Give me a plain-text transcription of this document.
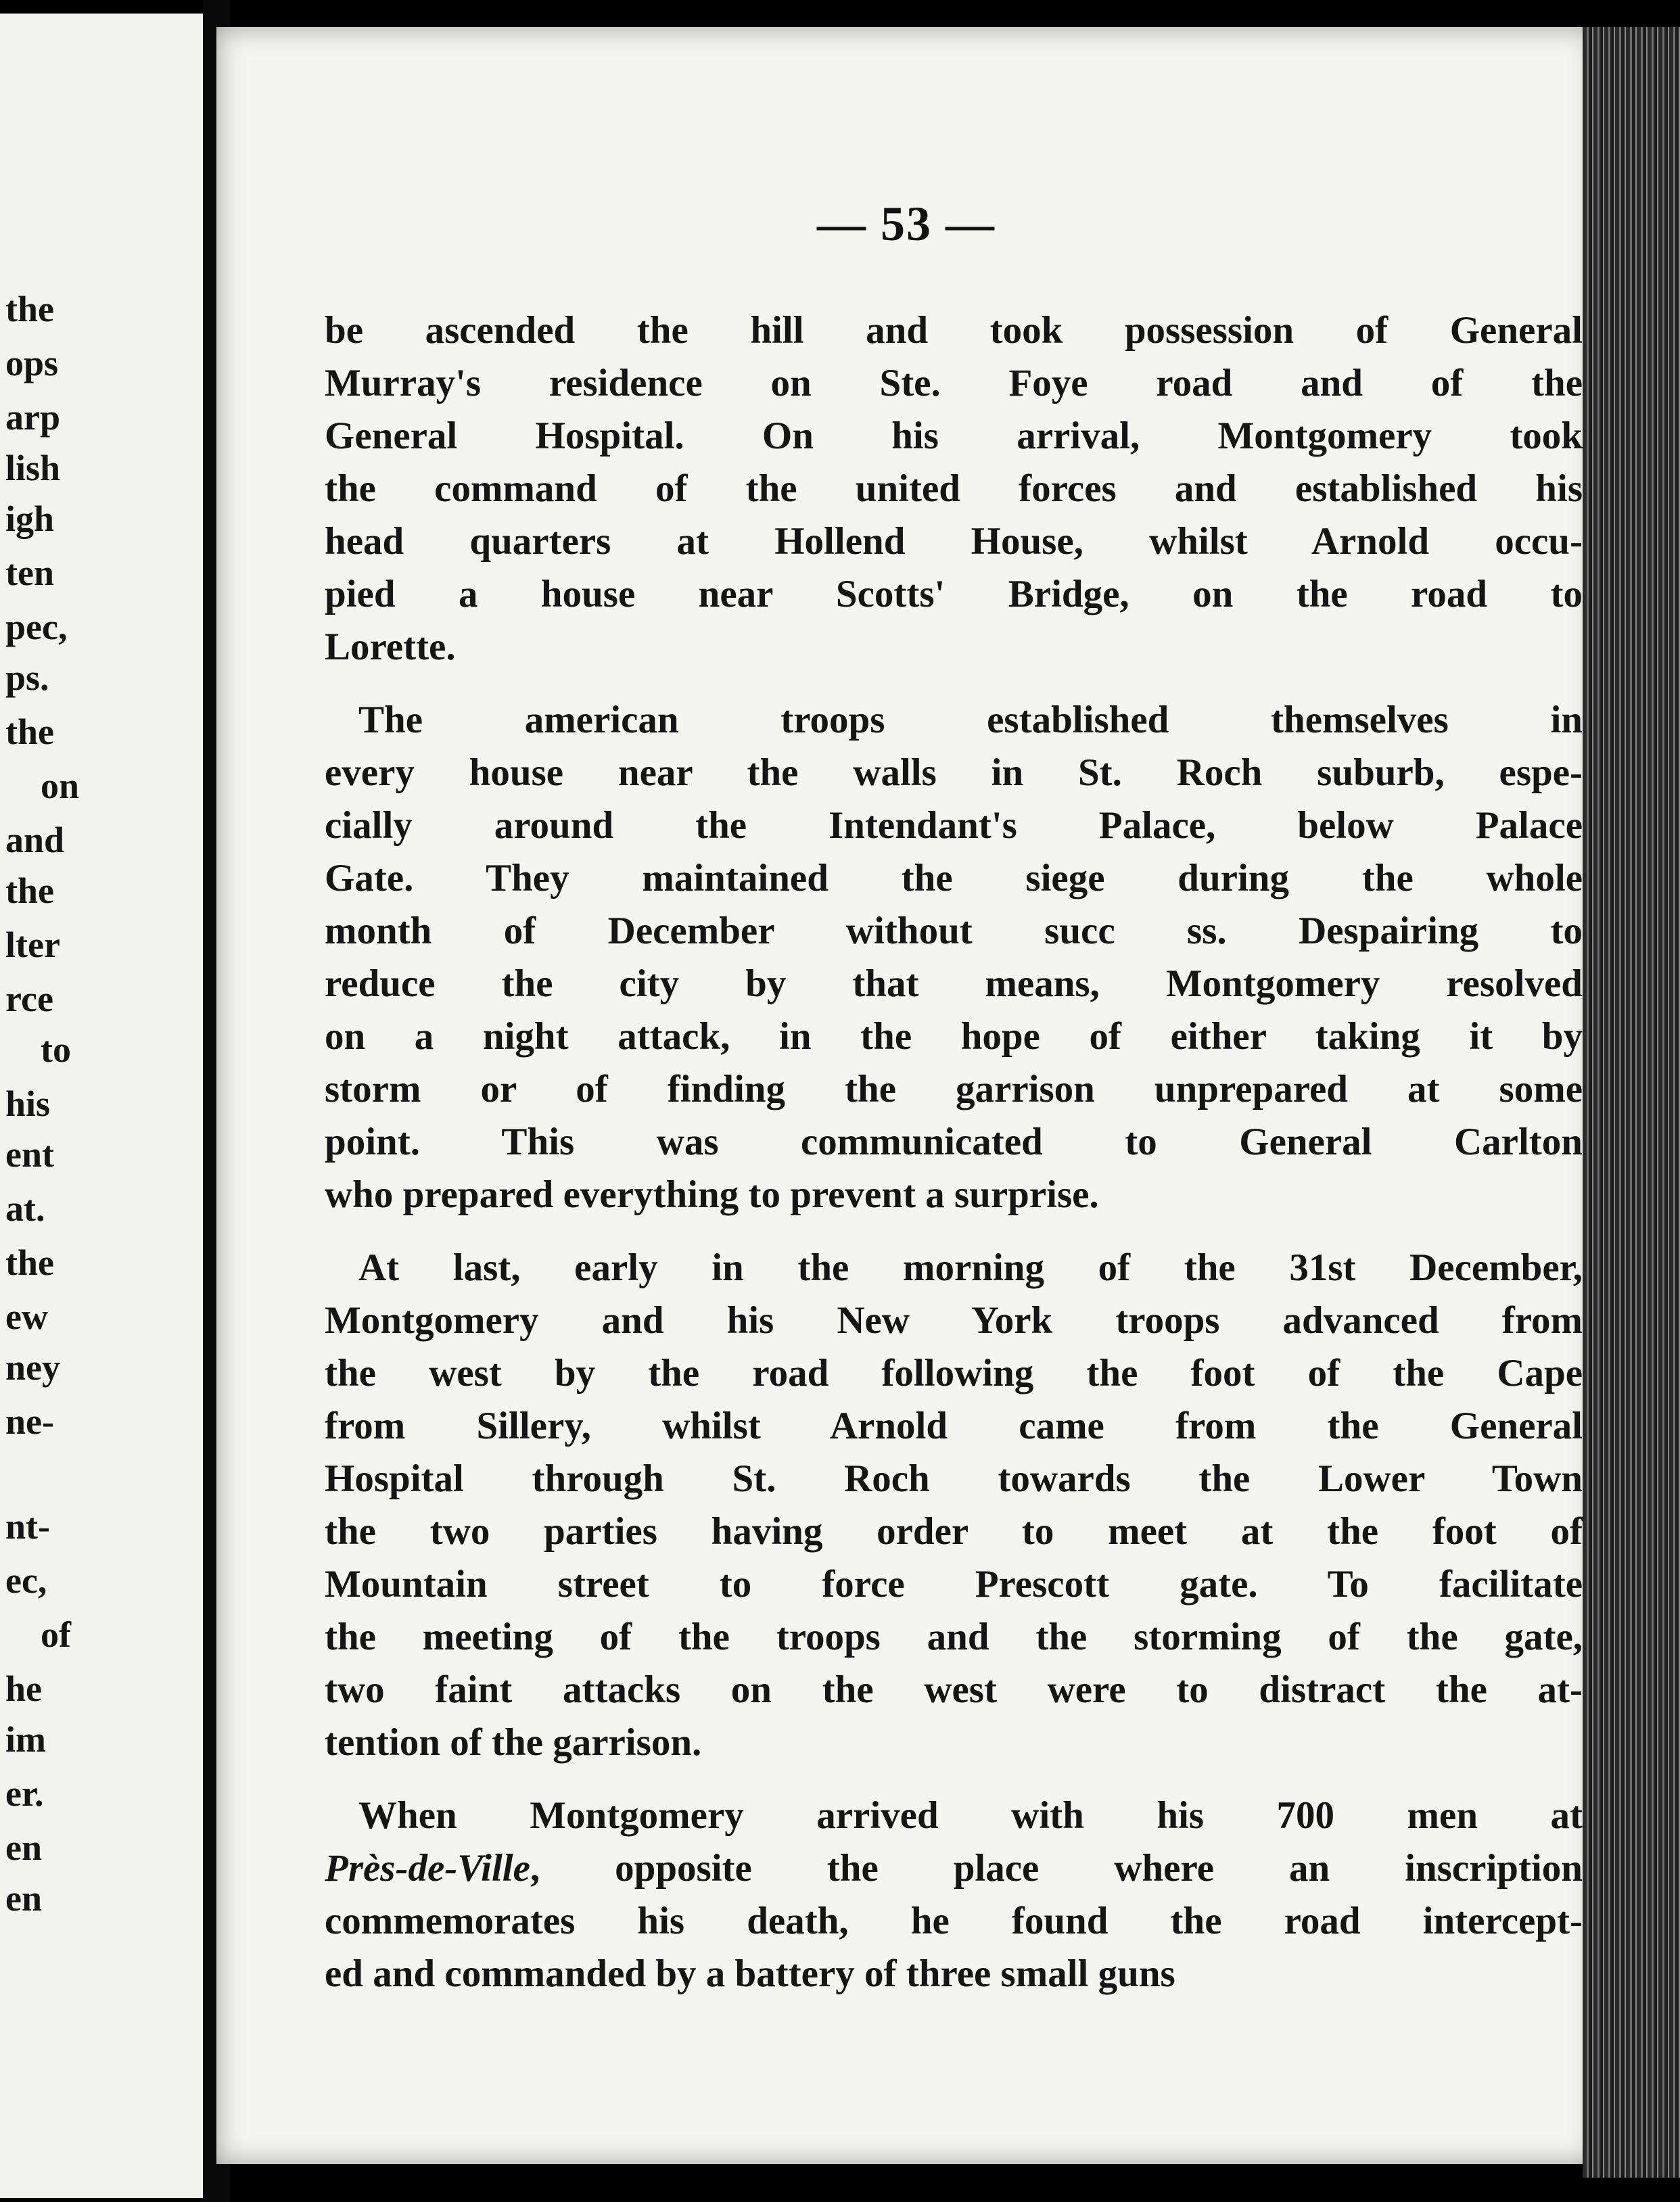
the
ops
arp
lish
igh
ten
pec,
ps.
the
on
and
the
lter
rce
to
his
ent
at.
the
ew
ney
ne-
nt-
ec,
of
he
im
er.
en
en
— 53 —
be ascended the hill and took possession of General
Murray's residence on Ste. Foye road and of the
General Hospital. On his arrival, Montgomery took
the command of the united forces and established his
head quarters at Hollend House, whilst Arnold occu-
pied a house near Scotts' Bridge, on the road to
Lorette.
The american troops established themselves in
every house near the walls in St. Roch suburb, espe-
cially around the Intendant's Palace, below Palace
Gate. They maintained the siege during the whole
month of December without succ ss. Despairing to
reduce the city by that means, Montgomery resolved
on a night attack, in the hope of either taking it by
storm or of finding the garrison unprepared at some
point. This was communicated to General Carlton
who prepared everything to prevent a surprise.
At last, early in the morning of the 31st December,
Montgomery and his New York troops advanced from
the west by the road following the foot of the Cape
from Sillery, whilst Arnold came from the General
Hospital through St. Roch towards the Lower Town
the two parties having order to meet at the foot of
Mountain street to force Prescott gate. To facilitate
the meeting of the troops and the storming of the gate,
two faint attacks on the west were to distract the at-
tention of the garrison.
When Montgomery arrived with his 700 men at
Près-de-Ville, opposite the place where an inscription
commemorates his death, he found the road intercept-
ed and commanded by a battery of three small guns
